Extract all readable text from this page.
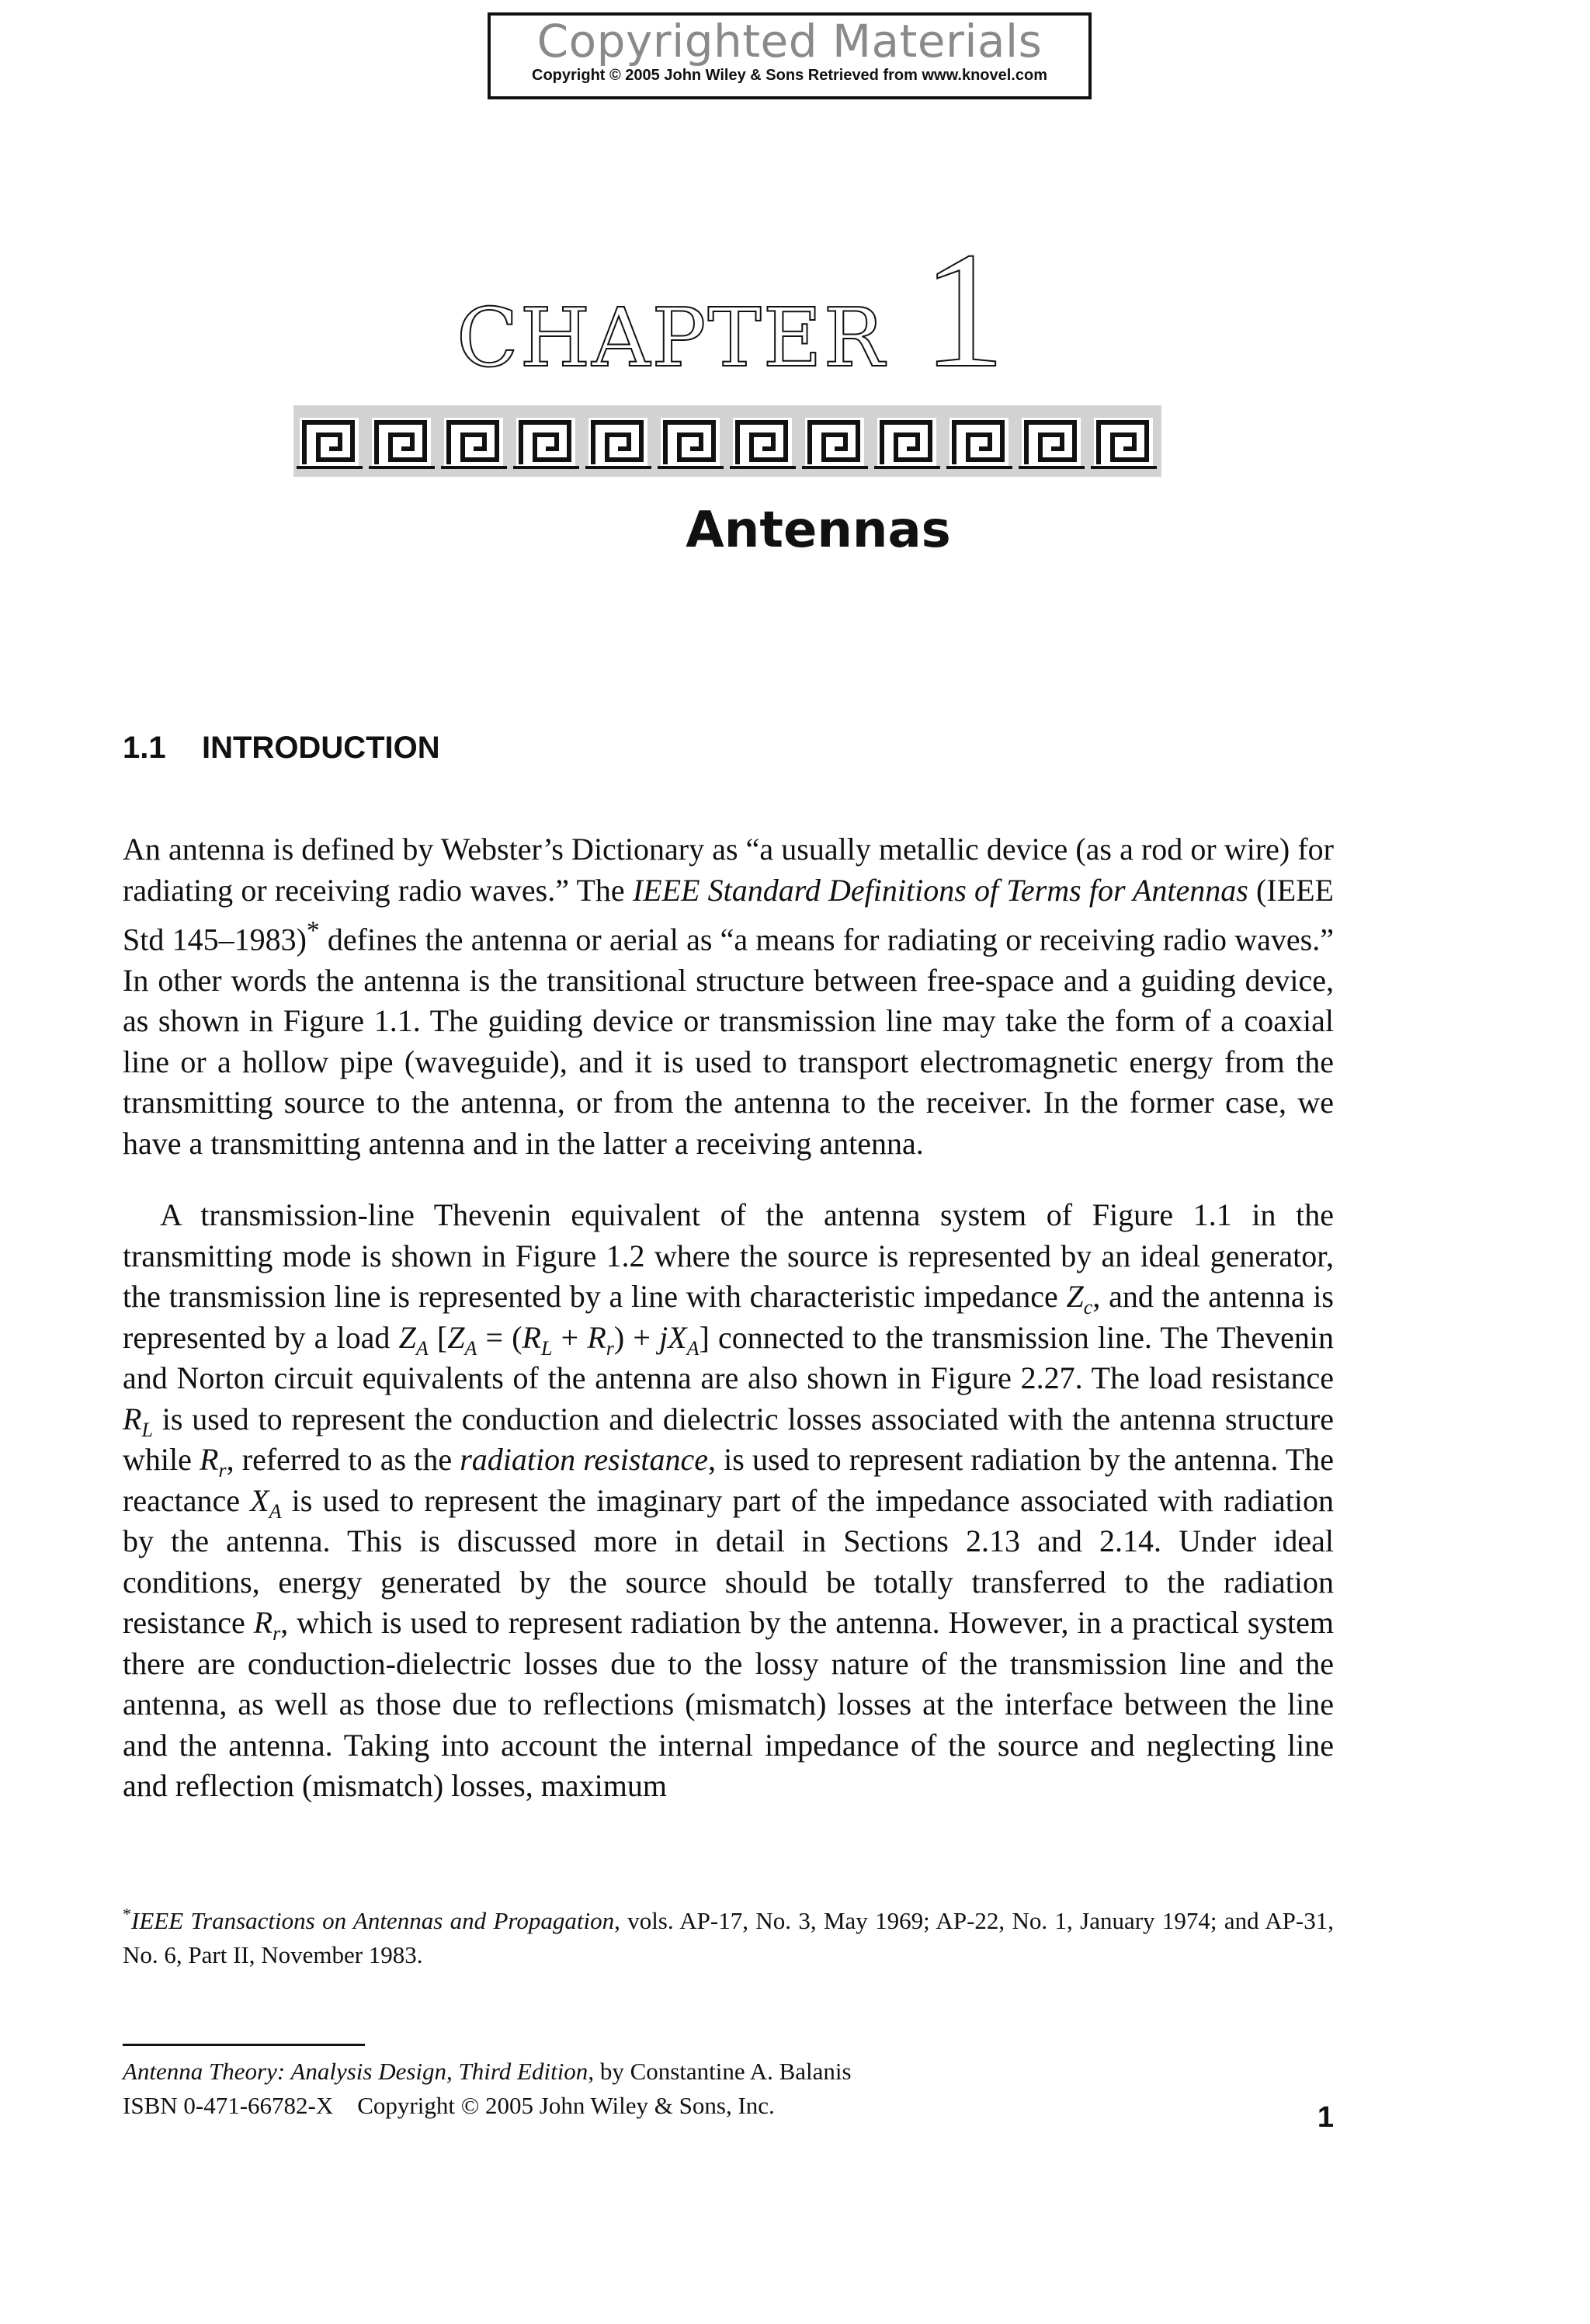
Copyrighted Materials
Copyright © 2005 John Wiley & Sons Retrieved from www.knovel.com
CHAPTER 1
Antennas
1.1 INTRODUCTION

An antenna is defined by Webster’s Dictionary as “a usually metallic device (as a rod or wire) for radiating or receiving radio waves.” The IEEE Standard Definitions of Terms for Antennas (IEEE Std 145–1983)* defines the antenna or aerial as “a means for radiating or receiving radio waves.” In other words the antenna is the transitional structure between free-space and a guiding device, as shown in Figure 1.1. The guiding device or transmission line may take the form of a coaxial line or a hollow pipe (waveguide), and it is used to transport electromagnetic energy from the transmitting source to the antenna, or from the antenna to the receiver. In the former case, we have a transmitting antenna and in the latter a receiving antenna.

A transmission-line Thevenin equivalent of the antenna system of Figure 1.1 in the transmitting mode is shown in Figure 1.2 where the source is represented by an ideal generator, the transmission line is represented by a line with characteristic impedance $Z_c$, and the antenna is represented by a load $Z_A$ $[Z_A = (R_L + R_r) + jX_A]$ connected to the transmission line. The Thevenin and Norton circuit equivalents of the antenna are also shown in Figure 2.27. The load resistance $R_L$ is used to represent the conduction and dielectric losses associated with the antenna structure while $R_r$, referred to as the radiation resistance, is used to represent radiation by the antenna. The reactance $X_A$ is used to represent the imaginary part of the impedance associated with radiation by the antenna. This is discussed more in detail in Sections 2.13 and 2.14. Under ideal conditions, energy generated by the source should be totally transferred to the radiation resistance $R_r$, which is used to represent radiation by the antenna. However, in a practical system there are conduction-dielectric losses due to the lossy nature of the transmission line and the antenna, as well as those due to reflections (mismatch) losses at the interface between the line and the antenna. Taking into account the internal impedance of the source and neglecting line and reflection (mismatch) losses, maximum

*IEEE Transactions on Antennas and Propagation, vols. AP-17, No. 3, May 1969; AP-22, No. 1, January 1974; and AP-31, No. 6, Part II, November 1983.
Antenna Theory: Analysis Design, Third Edition, by Constantine A. Balanis
ISBN 0-471-66782-X    Copyright © 2005 John Wiley & Sons, Inc.	1
